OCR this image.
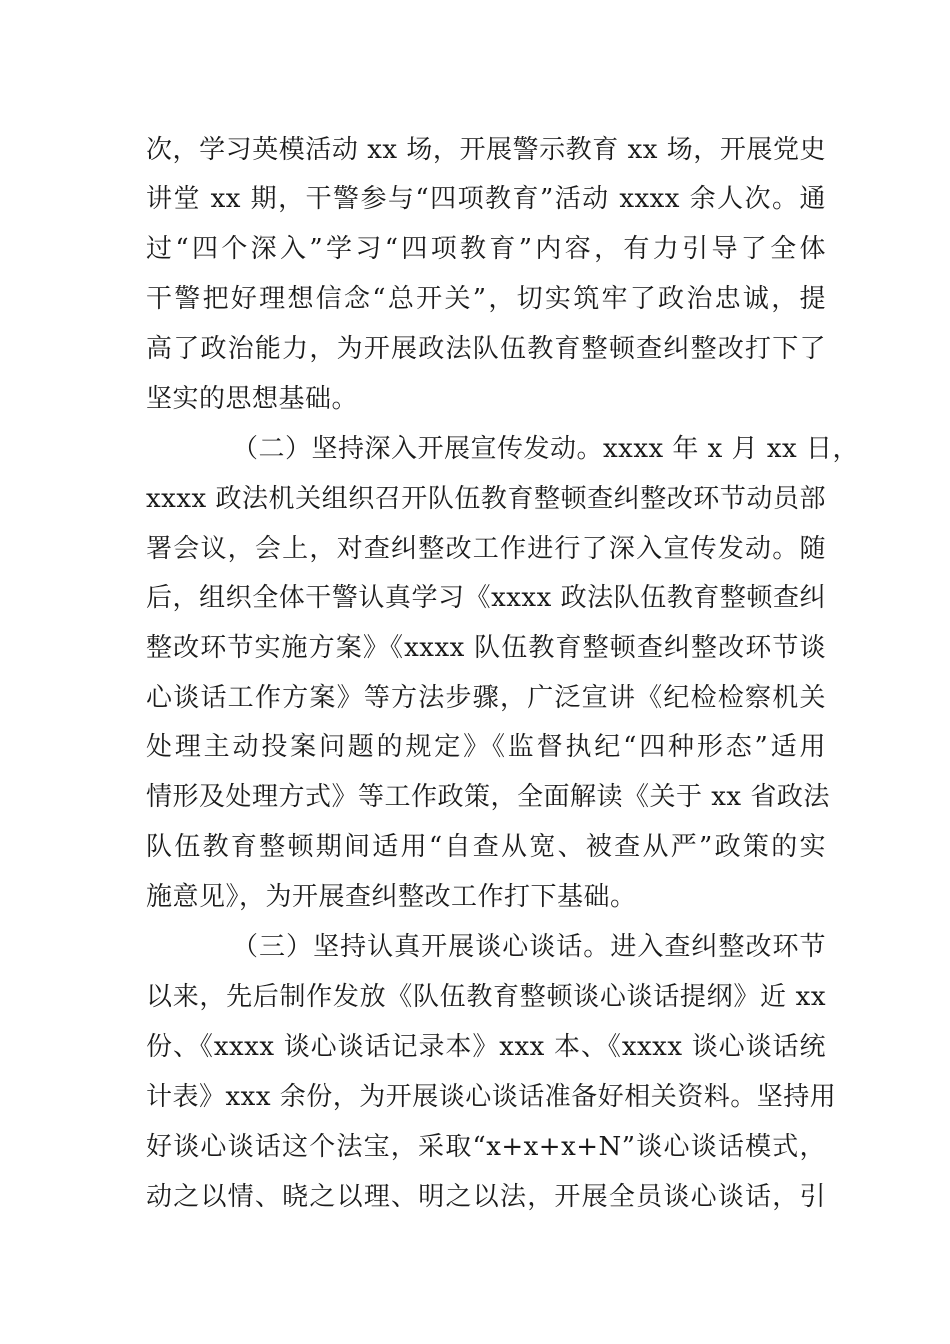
次，学习英模活动 xx 场，开展警示教育 xx 场，开展党史
讲堂 xx 期，干警参与“四项教育”活动 xxxx 余人次。通
过“四个深入”学习“四项教育”内容，有力引导了全体
干警把好理想信念“总开关”，切实筑牢了政治忠诚，提
高了政治能力，为开展政法队伍教育整顿查纠整改打下了
坚实的思想基础。
（二）坚持深入开展宣传发动。xxxx 年 x 月 xx 日，
xxxx 政法机关组织召开队伍教育整顿查纠整改环节动员部
署会议，会上，对查纠整改工作进行了深入宣传发动。随
后，组织全体干警认真学习《xxxx 政法队伍教育整顿查纠
整改环节实施方案》《xxxx 队伍教育整顿查纠整改环节谈
心谈话工作方案》等方法步骤，广泛宣讲《纪检检察机关
处理主动投案问题的规定》《监督执纪“四种形态”适用
情形及处理方式》等工作政策，全面解读《关于 xx 省政法
队伍教育整顿期间适用“自查从宽、被查从严”政策的实
施意见》，为开展查纠整改工作打下基础。
（三）坚持认真开展谈心谈话。进入查纠整改环节
以来，先后制作发放《队伍教育整顿谈心谈话提纲》近 xx
份、《xxxx 谈心谈话记录本》xxx 本、《xxxx 谈心谈话统
计表》xxx 余份，为开展谈心谈话准备好相关资料。坚持用
好谈心谈话这个法宝，采取“x+x+x+N”谈心谈话模式，
动之以情、晓之以理、明之以法，开展全员谈心谈话，引
